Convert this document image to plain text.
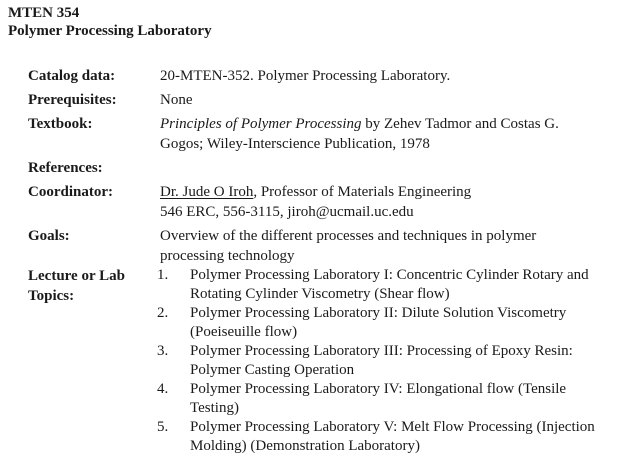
MTEN 354
Polymer Processing Laboratory
Catalog data:	20-MTEN-352. Polymer Processing Laboratory.
Prerequisites:	None
Textbook:	Principles of Polymer Processing by Zehev Tadmor and Costas G.
Gogos; Wiley-Interscience Publication, 1978
References:
Coordinator:	Dr. Jude O Iroh, Professor of Materials Engineering
546 ERC, 556-3115, jiroh@ucmail.uc.edu
Goals:	Overview of the different processes and techniques in polymer
processing technology
Lecture or Lab Topics:
1.	Polymer Processing Laboratory I: Concentric Cylinder Rotary and
Rotating Cylinder Viscometry (Shear flow)
2.	Polymer Processing Laboratory II: Dilute Solution Viscometry
(Poeiseuille flow)
3.	Polymer Processing Laboratory III: Processing of Epoxy Resin:
Polymer Casting Operation
4.	Polymer Processing Laboratory IV: Elongational flow (Tensile
Testing)
5.	Polymer Processing Laboratory V: Melt Flow Processing (Injection
Molding) (Demonstration Laboratory)
